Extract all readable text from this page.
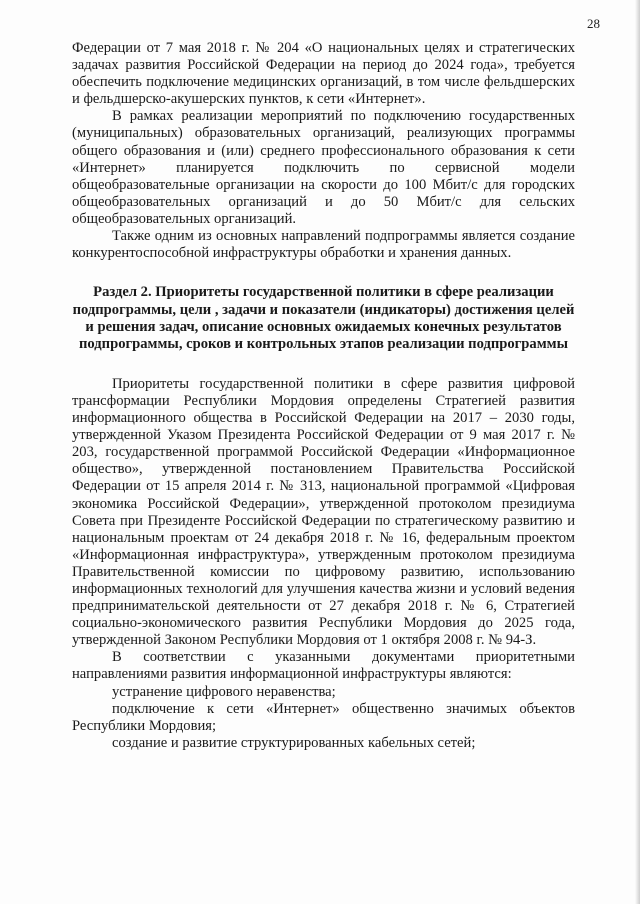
28

Федерации от 7 мая 2018 г. № 204 «О национальных целях и стратегических задачах развития Российской Федерации на период до 2024 года», требуется обеспечить подключение медицинских организаций, в том числе фельдшерских и фельдшерско-акушерских пунктов, к сети «Интернет».

В рамках реализации мероприятий по подключению государственных (муниципальных) образовательных организаций, реализующих программы общего образования и (или) среднего профессионального образования к сети «Интернет» планируется подключить по сервисной модели общеобразовательные организации на скорости до 100 Мбит/с для городских общеобразовательных организаций и до 50 Мбит/с для сельских общеобразовательных организаций.

Также одним из основных направлений подпрограммы является создание конкурентоспособной инфраструктуры обработки и хранения данных.

Раздел 2. Приоритеты государственной политики в сфере реализации подпрограммы, цели , задачи и показатели (индикаторы) достижения целей и решения задач, описание основных ожидаемых конечных результатов подпрограммы, сроков и контрольных этапов реализации подпрограммы

Приоритеты государственной политики в сфере развития цифровой трансформации Республики Мордовия определены Стратегией развития информационного общества в Российской Федерации на 2017 – 2030 годы, утвержденной Указом Президента Российской Федерации от 9 мая 2017 г. № 203, государственной программой Российской Федерации «Информационное общество», утвержденной постановлением Правительства Российской Федерации от 15 апреля 2014 г. № 313, национальной программой «Цифровая экономика Российской Федерации», утвержденной протоколом президиума Совета при Президенте Российской Федерации по стратегическому развитию и национальным проектам от 24 декабря 2018 г. № 16, федеральным проектом «Информационная инфраструктура», утвержденным протоколом президиума Правительственной комиссии по цифровому развитию, использованию информационных технологий для улучшения качества жизни и условий ведения предпринимательской деятельности от 27 декабря 2018 г. № 6, Стратегией социально-экономического развития Республики Мордовия до 2025 года, утвержденной Законом Республики Мордовия от 1 октября 2008 г. № 94-З.

В соответствии с указанными документами приоритетными направлениями развития информационной инфраструктуры являются:

устранение цифрового неравенства;

подключение к сети «Интернет» общественно значимых объектов Республики Мордовия;

создание и развитие структурированных кабельных сетей;
